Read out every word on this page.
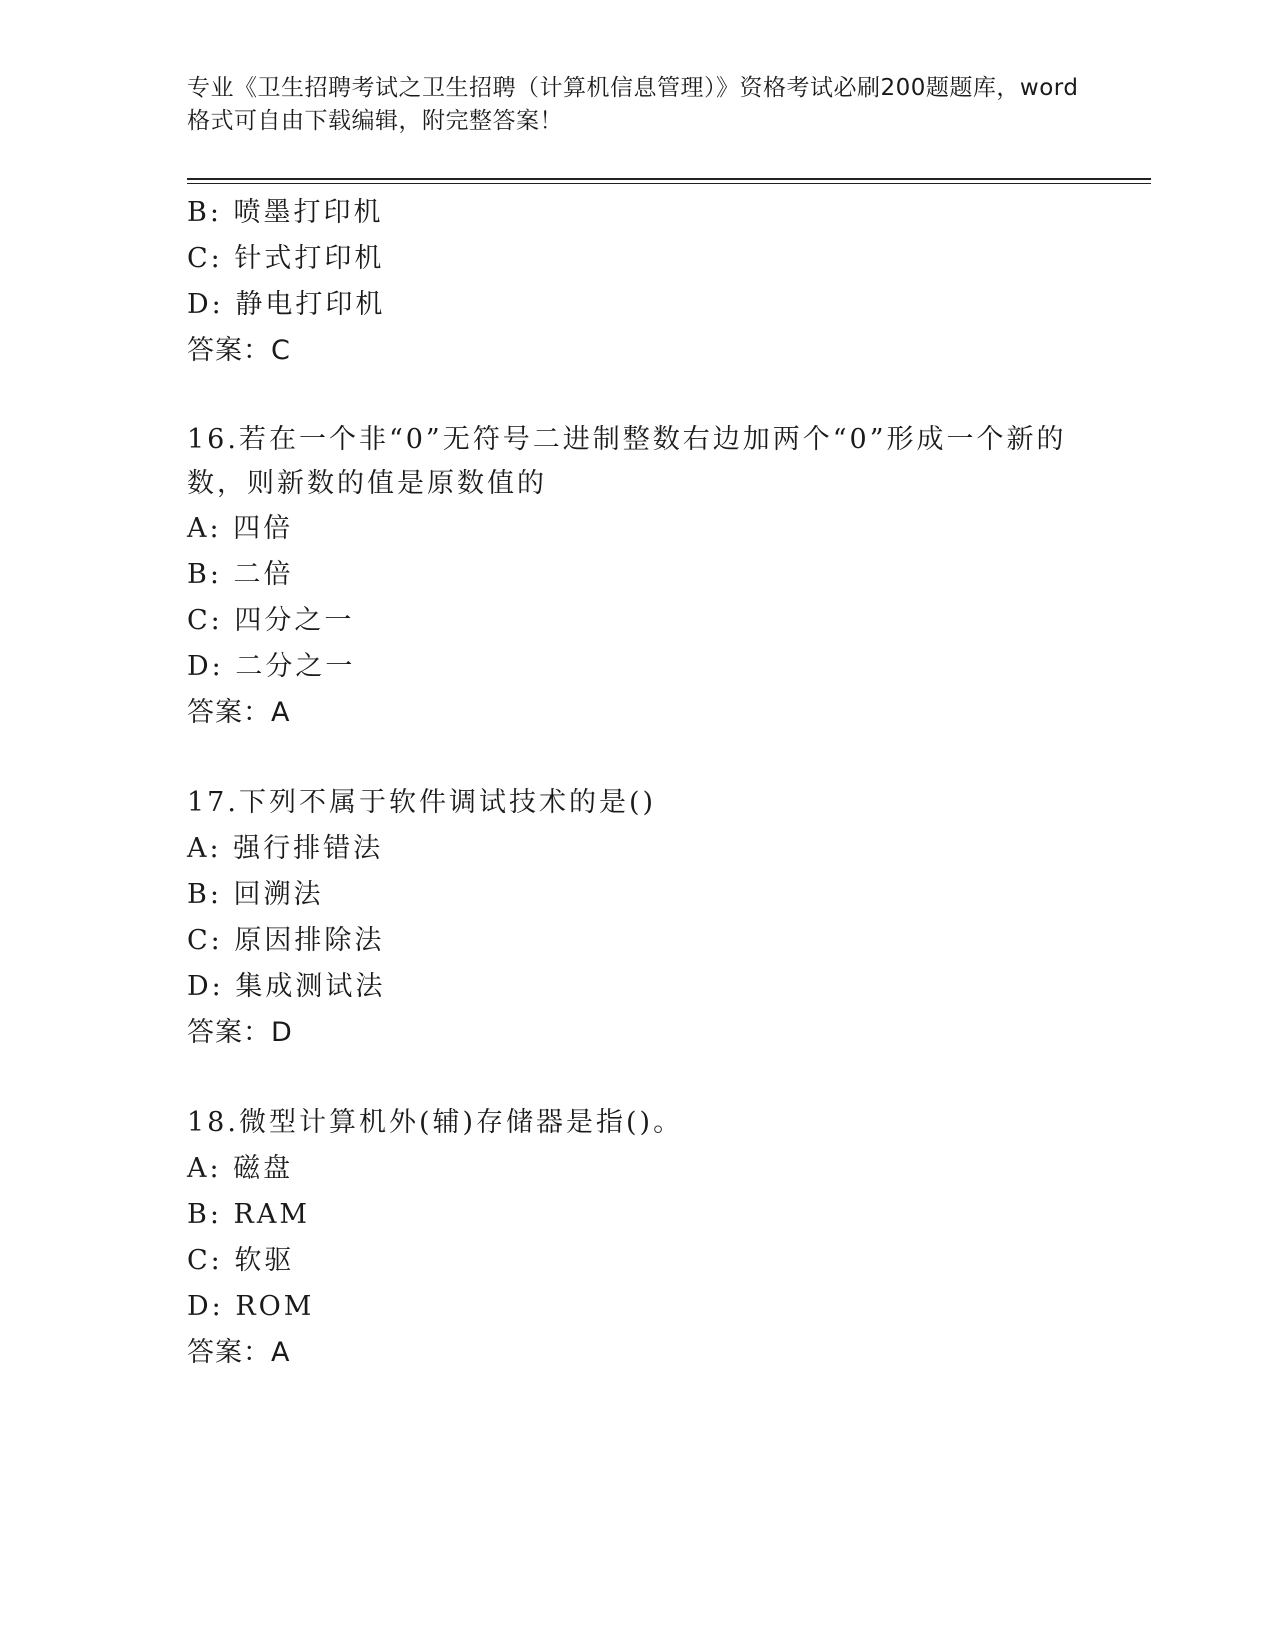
专业《卫生招聘考试之卫生招聘（计算机信息管理）》资格考试必刷200题题库，word格式可自由下载编辑，附完整答案！
B: 喷墨打印机
C: 针式打印机
D: 静电打印机
答案：C
16.若在一个非“0”无符号二进制整数右边加两个“0”形成一个新的数，则新数的值是原数值的
A: 四倍
B: 二倍
C: 四分之一
D: 二分之一
答案：A
17.下列不属于软件调试技术的是()
A: 强行排错法
B: 回溯法
C: 原因排除法
D: 集成测试法
答案：D
18.微型计算机外(辅)存储器是指()。
A: 磁盘
B: RAM
C: 软驱
D: ROM
答案：A
